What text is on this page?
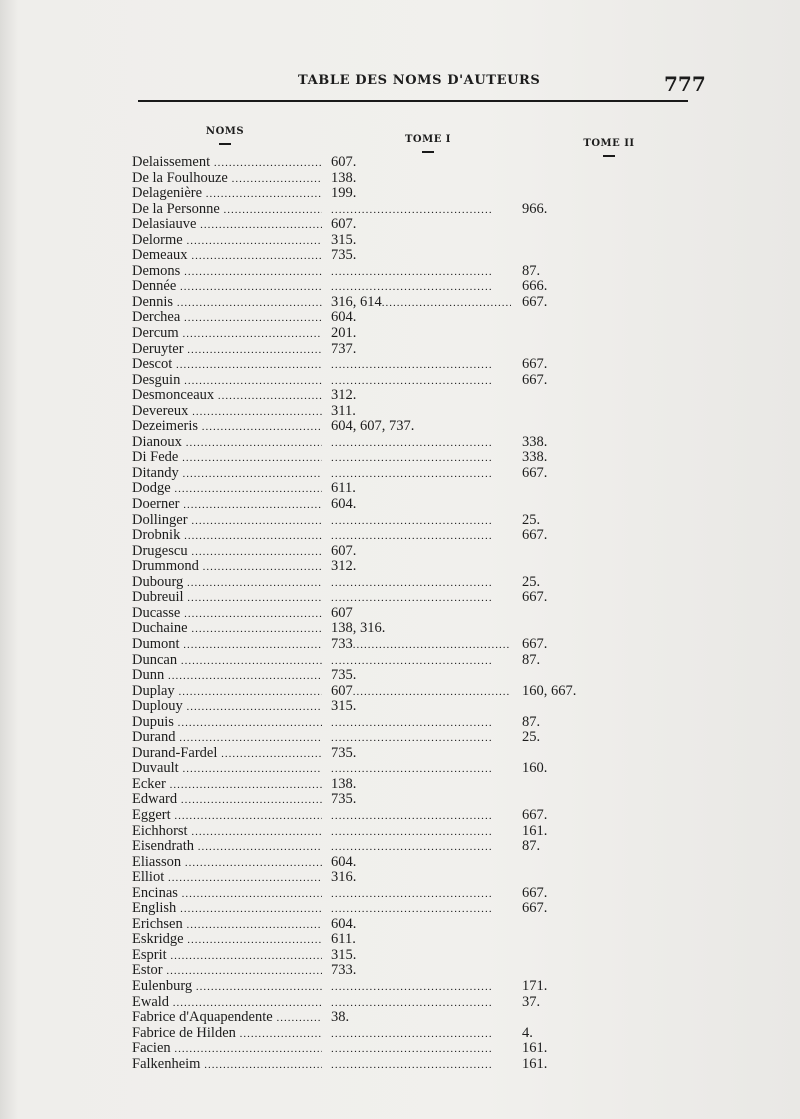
TABLE DES NOMS D'AUTEURS	777
NOMS
TOME I	TOME II
Delaissement .....	607.
De la Foulhouze .....	138.
Delagenière .....	199.
De la Personne ..... .....	966.
Delasiauve .....	607.
Delorme .....	315.
Demeaux .....	735.
Demons ..... .....	87.
Dennée ..... .....	666.
Dennis .....	316, 614 .....	667.
Derchea .....	604.
Dercum .....	201.
Deruyter .....	737.
Descot ..... .....	667.
Desguin ..... .....	667.
Desmonceaux .....	312.
Devereux .....	311.
Dezeimeris .....	604, 607, 737.
Dianoux ..... .....	338.
Di Fede ..... .....	338.
Ditandy ..... .....	667.
Dodge .....	611.
Doerner .....	604.
Dollinger ..... .....	25.
Drobnik ..... .....	667.
Drugescu .....	607.
Drummond .....	312.
Dubourg ..... .....	25.
Dubreuil ..... .....	667.
Ducasse .....	607
Duchaine .....	138, 316.
Dumont .....	733 .....	667.
Duncan ..... .....	87.
Dunn .....	735.
Duplay .....	607 .....	160, 667.
Duplouy .....	315.
Dupuis ..... .....	87.
Durand ..... .....	25.
Durand-Fardel .....	735.
Duvault ..... .....	160.
Ecker .....	138.
Edward .....	735.
Eggert ..... .....	667.
Eichhorst ..... .....	161.
Eisendrath ..... .....	87.
Eliasson .....	604.
Elliot .....	316.
Encinas ..... .....	667.
English ..... .....	667.
Erichsen .....	604.
Eskridge .....	611.
Esprit .....	315.
Estor .....	733.
Eulenburg ..... .....	171.
Ewald ..... .....	37.
Fabrice d'Aquapendente .....	38.
Fabrice de Hilden ..... .....	4.
Facien ..... .....	161.
Falkenheim ..... .....	161.
